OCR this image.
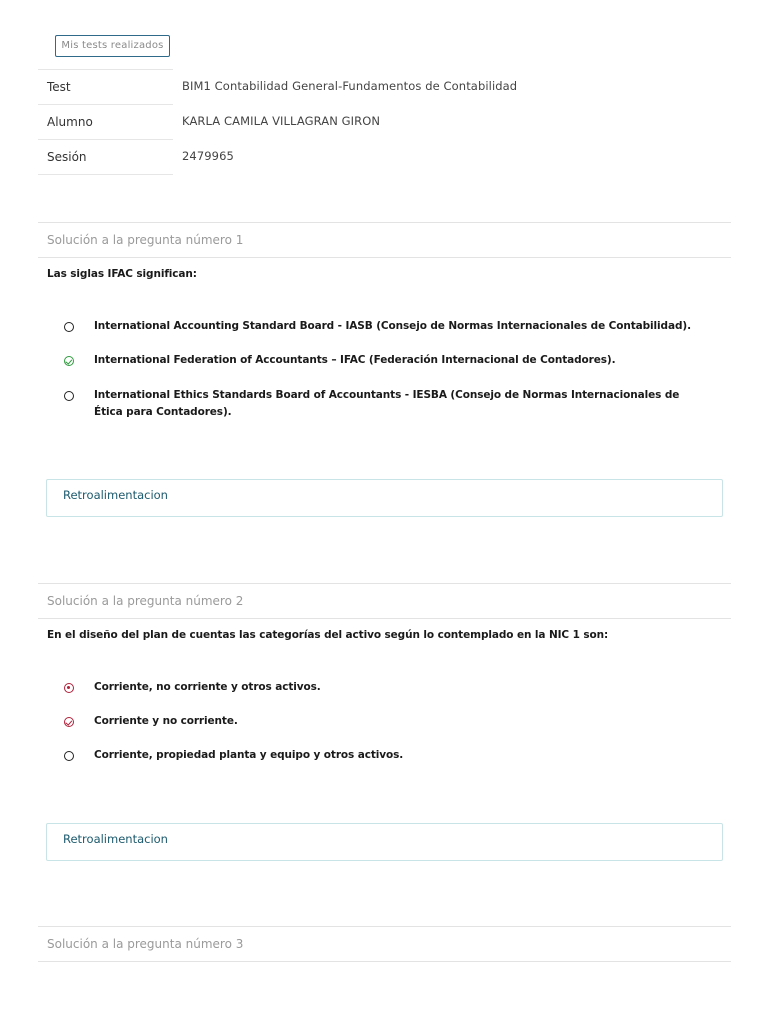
Mis tests realizados
Test	BIM1 Contabilidad General-Fundamentos de Contabilidad
Alumno	KARLA CAMILA VILLAGRAN GIRON
Sesión	2479965
Solución a la pregunta número 1
Las siglas IFAC significan:
International Accounting Standard Board - IASB (Consejo de Normas Internacionales de Contabilidad).
International Federation of Accountants – IFAC (Federación Internacional de Contadores).
International Ethics Standards Board of Accountants - IESBA (Consejo de Normas Internacionales de Ética para Contadores).
Retroalimentacion
Solución a la pregunta número 2
En el diseño del plan de cuentas las categorías del activo según lo contemplado en la NIC 1 son:
Corriente, no corriente y otros activos.
Corriente y no corriente.
Corriente, propiedad planta y equipo y otros activos.
Retroalimentacion
Solución a la pregunta número 3
